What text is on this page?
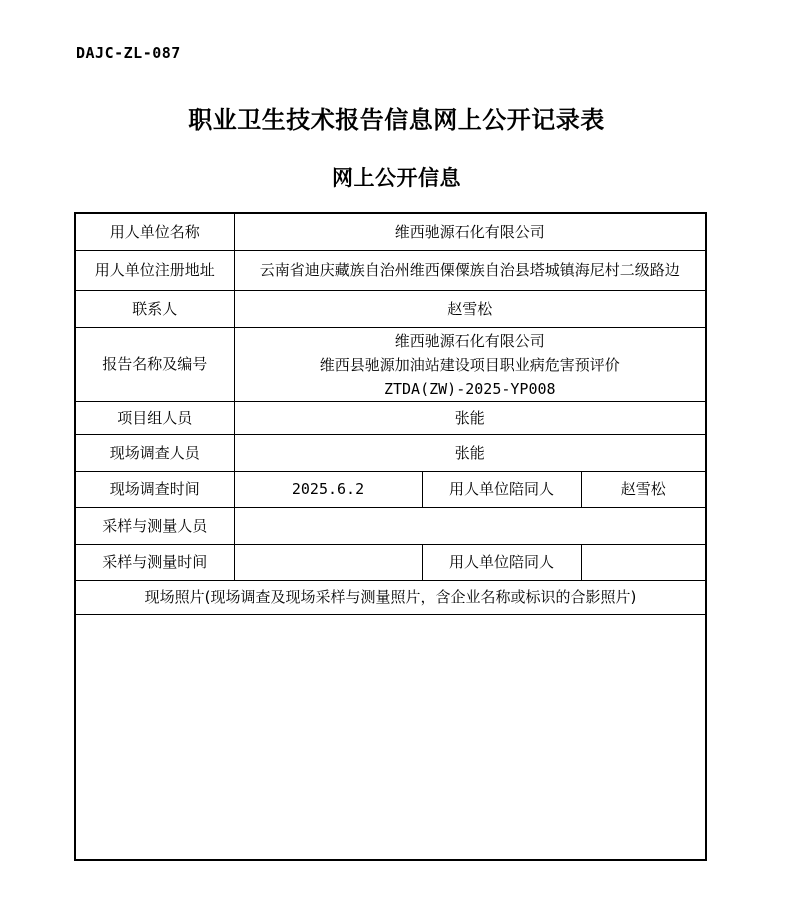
DAJC-ZL-087
职业卫生技术报告信息网上公开记录表
网上公开信息
用人单位名称	维西驰源石化有限公司		
用人单位注册地址	云南省迪庆藏族自治州维西傈僳族自治县塔城镇海尼村二级路边		
联系人	赵雪松		
报告名称及编号	维西驰源石化有限公司
维西县驰源加油站建设项目职业病危害预评价
ZTDA(ZW)-2025-YP008		

项目组人员	张能		
现场调查人员	张能		
现场调查时间	2025.6.2	用人单位陪同人	赵雪松
采样与测量人员			
采样与测量时间		用人单位陪同人	
现场照片(现场调查及现场采样与测量照片，含企业名称或标识的合影照片)			
